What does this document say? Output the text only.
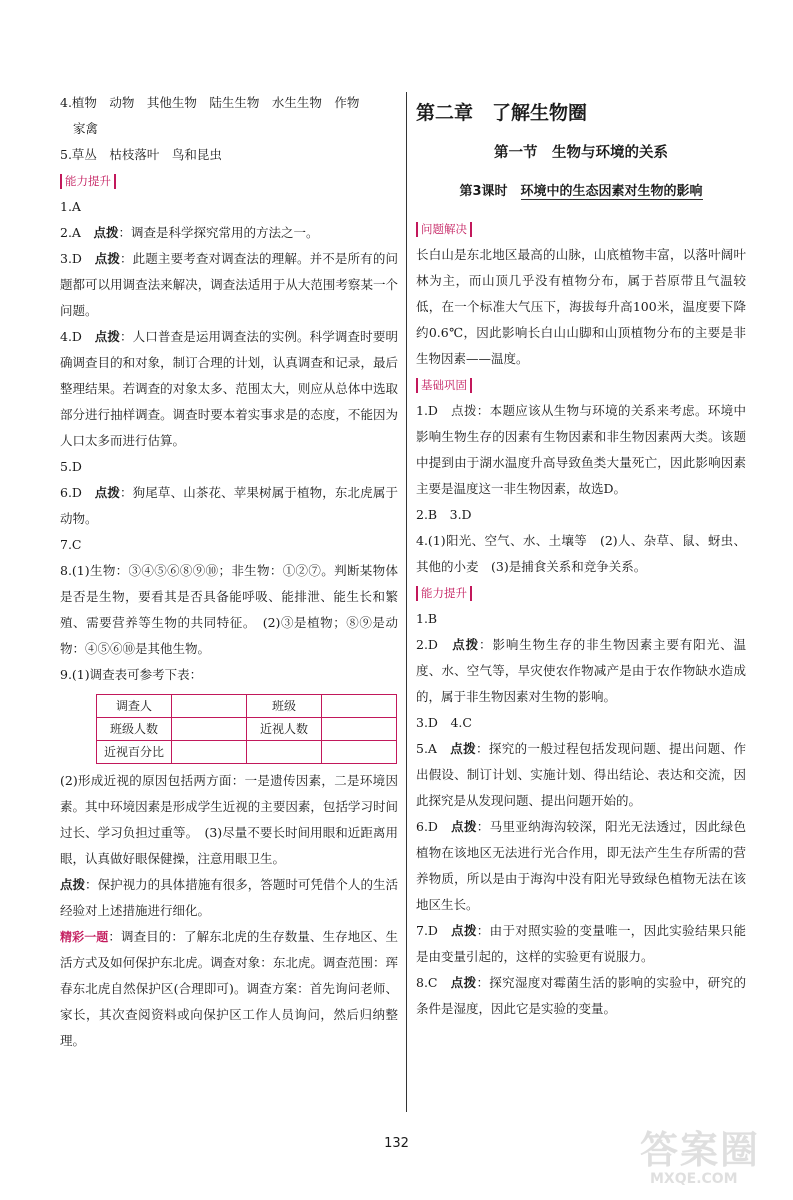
4.植物　动物　其他生物　陆生生物　水生生物　作物
家禽

5.草丛　枯枝落叶　鸟和昆虫

能力提升

1.A

2.A　 点拨：调查是科学探究常用的方法之一。

3.D　 点拨：此题主要考查对调查法的理解。并不是所有的问题都可以用调查法来解决，调查法适用于从大范围考察某一个问题。

4.D　 点拨：人口普查是运用调查法的实例。科学调查时要明确调查目的和对象，制订合理的计划，认真调查和记录，最后整理结果。若调查的对象太多、范围太大，则应从总体中选取部分进行抽样调查。调查时要本着实事求是的态度，不能因为人口太多而进行估算。

5.D

6.D　 点拨：狗尾草、山茶花、苹果树属于植物，东北虎属于动物。

7.C

8.(1)生物：③④⑤⑥⑧⑨⑩；非生物：①②⑦。判断某物体是否是生物，要看其是否具备能呼吸、能排泄、能生长和繁殖、需要营养等生物的共同特征。　(2)③是植物；⑧⑨是动物：④⑤⑥⑩是其他生物。

9.(1)调查表可参考下表：

调查人		班级	
班级人数		近视人数	
近视百分比			

(2)形成近视的原因包括两方面：一是遗传因素，二是环境因素。其中环境因素是形成学生近视的主要因素，包括学习时间过长、学习负担过重等。　(3)尽量不要长时间用眼和近距离用眼，认真做好眼保健操，注意用眼卫生。

点拨：保护视力的具体措施有很多，答题时可凭借个人的生活经验对上述措施进行细化。

精彩一题：调查目的：了解东北虎的生存数量、生存地区、生活方式及如何保护东北虎。调查对象：东北虎。调查范围：珲春东北虎自然保护区(合理即可)。调查方案：首先询问老师、家长，其次查阅资料或向保护区工作人员询问，然后归纳整理。

第二章　了解生物圈
第一节　生物与环境的关系
第3课时　 环境中的生态因素对生物的影响
问题解决

长白山是东北地区最高的山脉，山底植物丰富，以落叶阔叶林为主，而山顶几乎没有植物分布，属于苔原带且气温较低，在一个标准大气压下，海拔每升高100米，温度要下降约0.6℃，因此影响长白山山脚和山顶植物分布的主要是非生物因素——温度。

基础巩固

1.D　点拨：本题应该从生物与环境的关系来考虑。环境中影响生物生存的因素有生物因素和非生物因素两大类。该题中提到由于湖水温度升高导致鱼类大量死亡，因此影响因素主要是温度这一非生物因素，故选D。

2.B　3.D

4.(1)阳光、空气、水、土壤等　(2)人、杂草、鼠、蚜虫、其他的小麦　(3)是捕食关系和竞争关系。

能力提升

1.B

2.D　 点拨：影响生物生存的非生物因素主要有阳光、温度、水、空气等，旱灾使农作物减产是由于农作物缺水造成的，属于非生物因素对生物的影响。

3.D　4.C

5.A　 点拨：探究的一般过程包括发现问题、提出问题、作出假设、制订计划、实施计划、得出结论、表达和交流，因此探究是从发现问题、提出问题开始的。

6.D　 点拨：马里亚纳海沟较深，阳光无法透过，因此绿色植物在该地区无法进行光合作用，即无法产生生存所需的营养物质，所以是由于海沟中没有阳光导致绿色植物无法在该地区生长。

7.D　 点拨：由于对照实验的变量唯一，因此实验结果只能是由变量引起的，这样的实验更有说服力。

8.C　 点拨：探究湿度对霉菌生活的影响的实验中，研究的条件是湿度，因此它是实验的变量。

132	答案圈
MXQE.COM
